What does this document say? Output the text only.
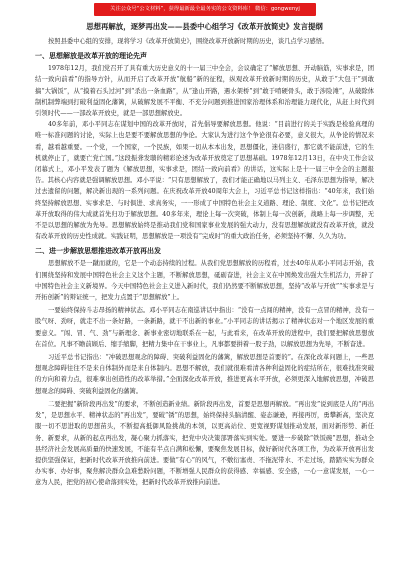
关注公众号“公文材料”，获得最新最全最务实的公文资料库！ 微信：gongwenyj
思想再解放，逐梦再出发——县委中心组学习《改革开放简史》发言提纲

按照县委中心组的安排，现将学习《改革开放简史》，围绕改革开放新时期的历史，谈几点学习感悟。

一、思想解放是改革开放的理论先声

1978年12月，我们党召开了具有重大历史意义的十一届三中全会，会议确定了“解放思想、开动脑筋，实事求是，团结一致向前看”的指导方针，从而开启了改革开放“航船”新的征程，纵观改革开放新时期的历史，从敢于“大包干”到敢搞“大锅饭”，从“摸着石头过河”到“杀出一条血路”，从“逢山开路，遇水架桥”到“敢于啃硬骨头，敢于涉险滩”，从破除体制机制弊端到打破利益固化藩篱，从破解发展不平衡、不充分问题到推进国家治理体系和治理能力现代化，从赶上时代到引领时代——一部改革开放史，就是一部思想解放史。

40多年前，邓小平同志在谋划中国的改革开放时，首先倡导要解放思想。他说：“目前进行的关于实践是检验真理的唯一标准问题的讨论，实际上也是要不要解放思想的争论。大家认为进行这个争论很有必要，意义很大，从争论的情况来看，越看越重要。一个党，一个国家，一个民族，如果一切从本本出发，思想僵化，迷信盛行，那它就不能前进，它的生机就停止了，就要亡党亡国。”这段振聋发聩的精彩论述为改革开放奠定了思想基础。1978年12月13日，在中央工作会议闭幕式上，邓小平发表了题为《解放思想，实事求是，团结一致向前看》的讲话，这实际上是十一届三中全会的主题报告。其核心内容就是强调解放思想。邓小平说：“只有思想解放了，我们才能正确地以马列主义、毛泽东思想为指导，解决过去遗留的问题，解决新出现的一系列问题。在庆祝改革开放40周年大会上，习近平总书记这样指出：“40年来，我们始终坚持解放思想、实事求是、与时俱进、求真务实，一一形成了中国特色社会主义道路、理论、制度、文化”。总书记把改革开放取得的伟大成就首先归功于解放思想。40多年来，理论上每一次突破，体制上每一次创新，战略上每一步调整，无不是以思想的解放为先导。思想解放始终是推动我们党和国家事业发展的强大动力，没有思想解放就没有改革开放，就没有改革开放的历史性成就。实践证明，思想解放是一项没有“完成时”的重大政治任务，必须坚持不懈、久久为功。

二、进一步解放思想推进改革开放再出发

思想解放不是一蹴而就的，它是一个动态持续的过程。从我们党思想解放的历程看，过去40年从邓小平同志开始，我们围绕坚持和发展中国特色社会主义这个主题，不断解放思想，砥砺奋进，社会主义在中国焕发出强大生机活力，开辟了中国特色社会主义新境界。今天中国特色社会主义进入新时代，我们仍然要不断解放思想，坚持“改革与开放”“实事求是与开拓创新”的辩证统一，把发力点置于“思想解放”上。

一要始终保持斗志昂扬的精神状态。邓小平同志在南巡讲话中指出：“没有一点闯的精神，没有一点冒的精神，没有一股气呀、劲呀，就走不出一条好路，一条新路，就干不出新的事业。”小平同志的讲话揭示了精神状态对一个地区发展的重要意义。“闯、冒、气、劲”与新理念、新事业密切地联系在一起，与此看来，在改革开放的进程中，我们要把解放思想放在首位。凡事不瞻前顾后、缩手缩脚，把精力集中在干事业上，凡事都要拼着一股子劲，以解放思想为先导，不断奋进。

习近平总书记指出：“冲破思想观念的障碍、突破利益固化的藩篱，解放思想是首要的”。在深化改革问题上，一些思想观念障碍往往不是来自体制外而是来自体制内。思想不解放，我们就很难看清各种利益固化的症结所在，很难找准突破的方向和着力点，很难拿出创造性的改革举措。”全面深化改革开放，推进更高水平开放，必须更深入地解放思想，冲破思想观念的障碍、突破利益固化的藩篱。

二要把握“新阶段再出发”的要求，不断创造新业绩。新阶段再出发，首要是思想再解放。“再出发”说到底是人的“再出发”，是思想水平、精神状态的“再出发”，要破“锈”的思想，始终保持头脑清醒、姿态谦逊，再接再厉，勇攀新高，坚决克服一切不思进取的思想苗头，不断提高抵御风险挑战的本领，以更高站位、更宽视野谋划推动发展，面对新形势、新任务、新要求，从新的起点再出发，凝心聚力抓落实，把党中央决策部署落实到实处。要进一步破除“铁饭碗”思想，推动全县经济社会发展高质量的快速发展，不能有半点自满和松懈，要聚焦发展目标，做好新时代各项工作，为改革开放再出发提供坚强保证，把新时代改革开放推向前进。要做“有心”的风气，不敷衍塞责、不拖泥带水、不走过场，踏踏实实为群众办实事、办好事，聚焦解决群众急难愁盼问题，不断增强人民群众的获得感、幸福感、安全感，一心一意谋发展，一心一意为人民，把党的初心使命落到实处，把新时代改革开放推向前进。
